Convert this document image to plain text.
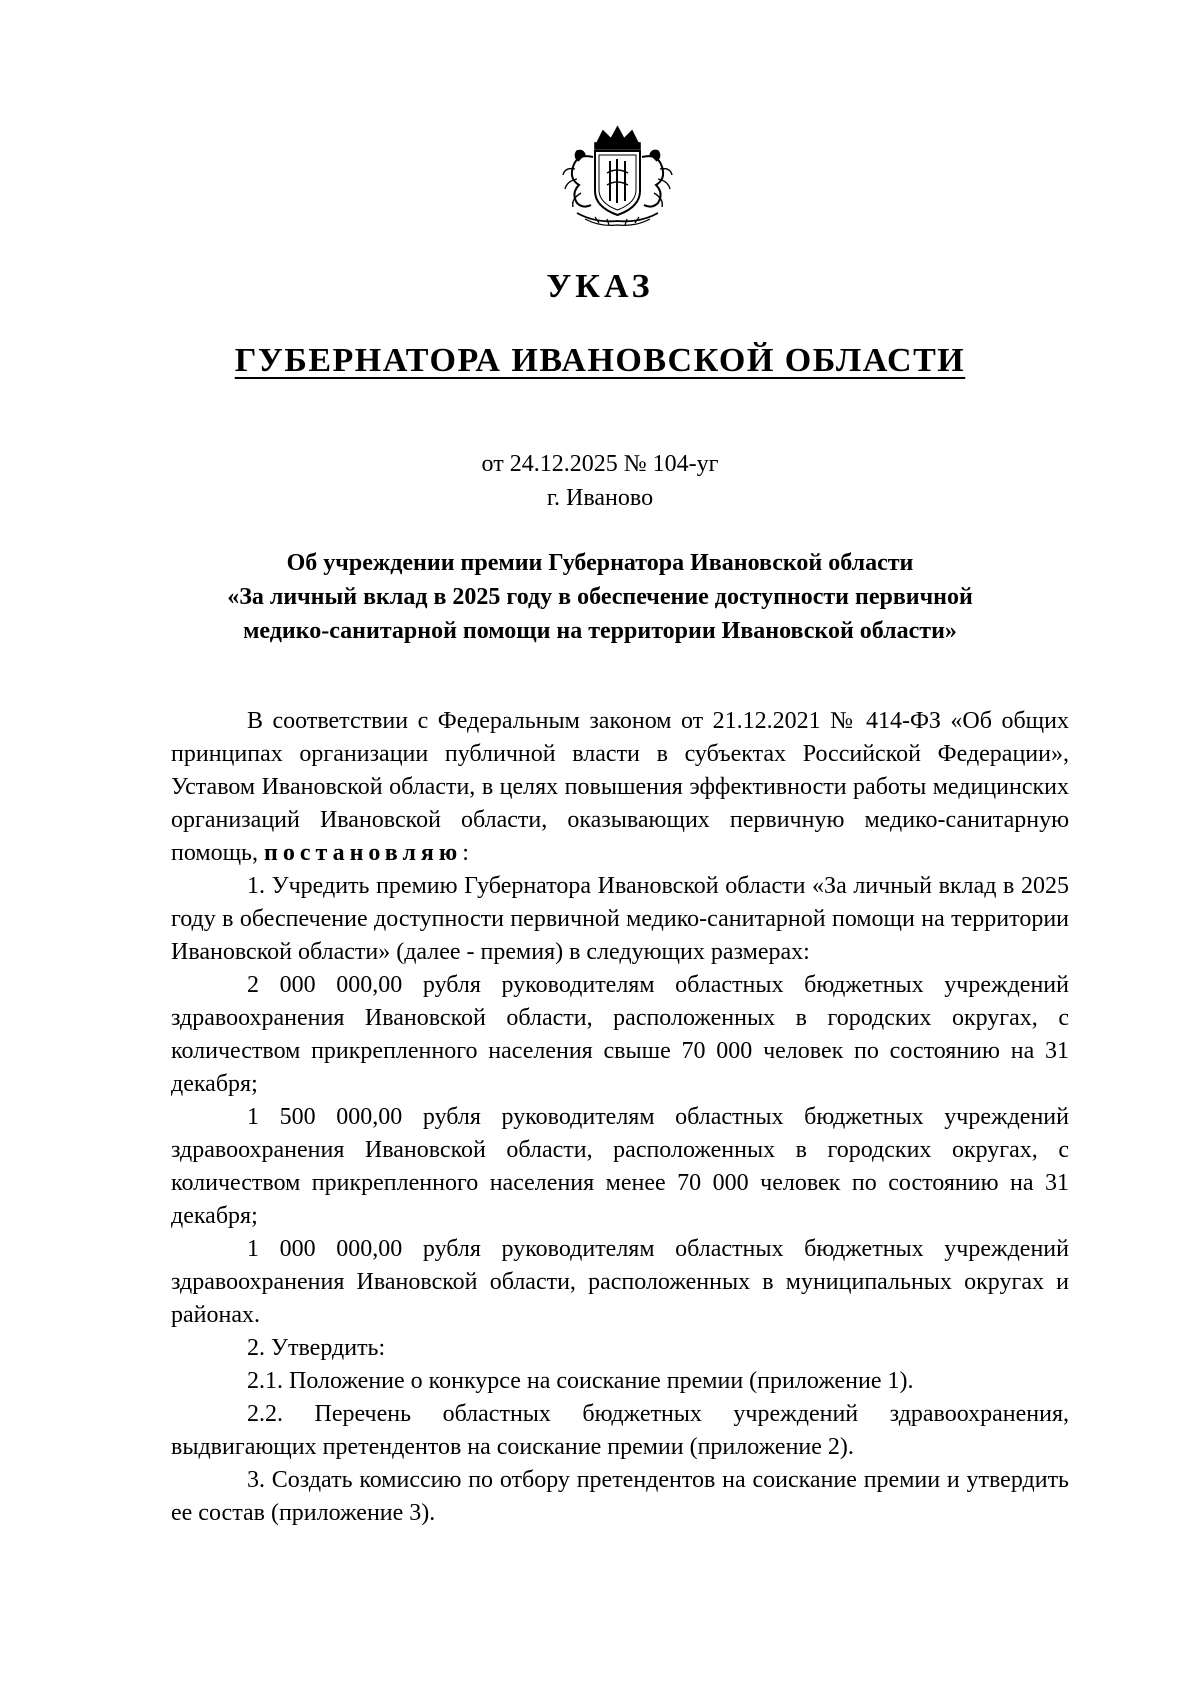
УКАЗ
ГУБЕРНАТОРА ИВАНОВСКОЙ ОБЛАСТИ
от 24.12.2025 № 104-уг
г. Иваново
Об учреждении премии Губернатора Ивановской области
«За личный вклад в 2025 году в обеспечение доступности первичной
медико-санитарной помощи на территории Ивановской области»

В соответствии с Федеральным законом от 21.12.2021 № 414-ФЗ «Об общих принципах организации публичной власти в субъектах Российской Федерации», Уставом Ивановской области, в целях повышения эффективности работы медицинских организаций Ивановской области, оказывающих первичную медико-санитарную помощь, постановляю:

1. Учредить премию Губернатора Ивановской области «За личный вклад в 2025 году в обеспечение доступности первичной медико-санитарной помощи на территории Ивановской области» (далее - премия) в следующих размерах:

2 000 000,00 рубля руководителям областных бюджетных учреждений здравоохранения Ивановской области, расположенных в городских округах, с количеством прикрепленного населения свыше 70 000 человек по состоянию на 31 декабря;

1 500 000,00 рубля руководителям областных бюджетных учреждений здравоохранения Ивановской области, расположенных в городских округах, с количеством прикрепленного населения менее 70 000 человек по состоянию на 31 декабря;

1 000 000,00 рубля руководителям областных бюджетных учреждений здравоохранения Ивановской области, расположенных в муниципальных округах и районах.

2. Утвердить:

2.1. Положение о конкурсе на соискание премии (приложение 1).

2.2. Перечень областных бюджетных учреждений здравоохранения, выдвигающих претендентов на соискание премии (приложение 2).

3. Создать комиссию по отбору претендентов на соискание премии и утвердить ее состав (приложение 3).
